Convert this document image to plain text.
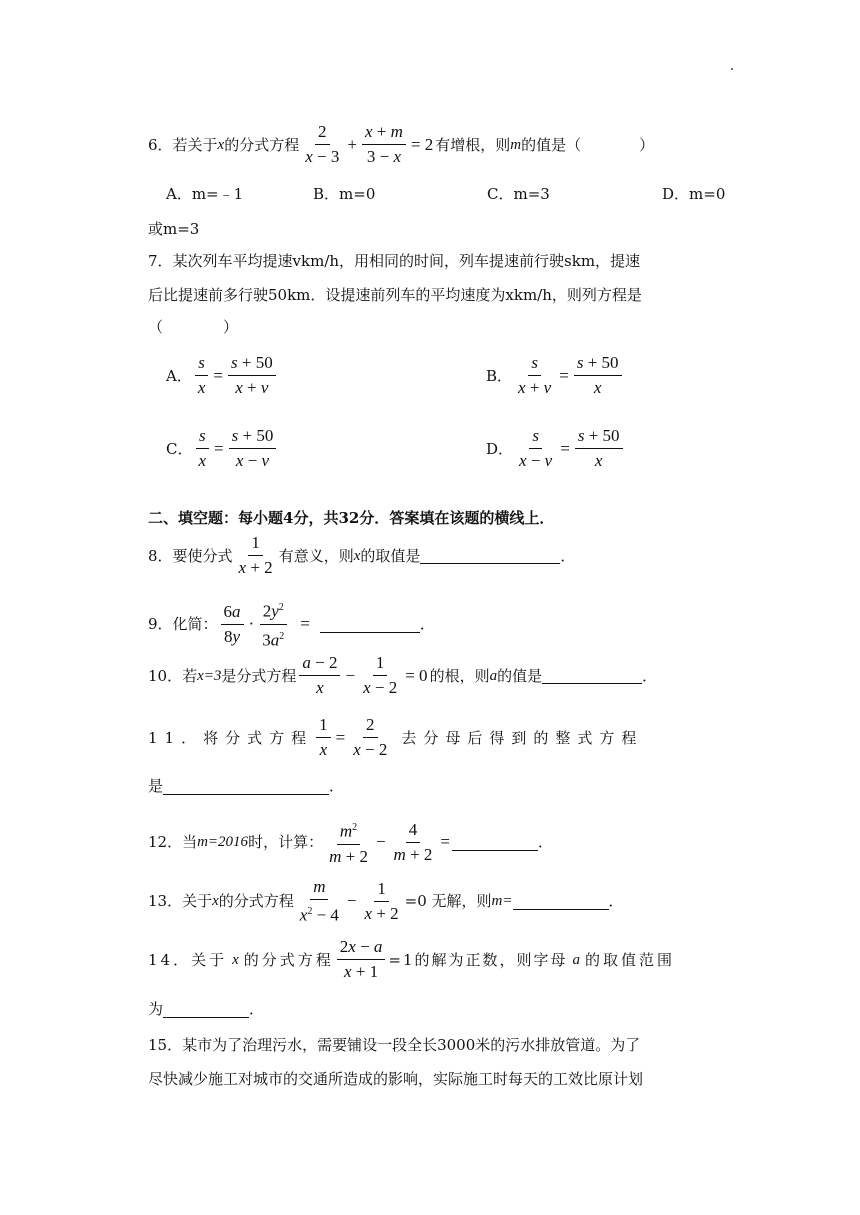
6．若关于 x 的分式方程 $\frac{2}{x - 3} + \frac{x + m}{3 - x} = 2$ 有增根，则 m 的值是（	）
A．m=﹣1	B．m=0	C．m=3	D．m=0
或m=3
7．某次列车平均提速vkm/h，用相同的时间，列车提速前行驶skm，提速
后比提速前多行驶50km．设提速前列车的平均速度为xkm/h，则列方程是
（　　　　）
A． $\frac{s}{x} = \frac{s + 50}{x + v}$	B． $\frac{s}{x + v} = \frac{s + 50}{x}$
C． $\frac{s}{x} = \frac{s + 50}{x - v}$	D． $\frac{s}{x - v} = \frac{s + 50}{x}$
二、填空题：每小题4分，共32分．答案填在该题的横线上．
8．要使分式 $\frac{1}{x + 2}$ 有意义，则 x 的取值是	．
9．化简： $\frac{6a}{8y} \cdot \frac{2y^2}{3a^2}$ =	．
10．若 x=3 是分式方程 $\frac{a - 2}{x} - \frac{1}{x - 2} = 0$ 的根，则 a 的值是	．
11．将分式方程 $\frac{1}{x} = \frac{2}{x - 2}$ 去分母后得到的整式方程
是	．
12．当 m=2016 时，计算： $\frac{m^2}{m + 2} - \frac{4}{m + 2}$ =	．
13．关于 x 的分式方程 $\frac{m}{x^2 - 4} - \frac{1}{x + 2} =0$ 无解，则 m=	．
14．关于 x 的分式方程 $\frac{2x - a}{x + 1} =1$的解为正数，则字母 a 的取值范围
为	．
15．某市为了治理污水，需要铺设一段全长3000米的污水排放管道。为了
尽快减少施工对城市的交通所造成的影响，实际施工时每天的工效比原计划
